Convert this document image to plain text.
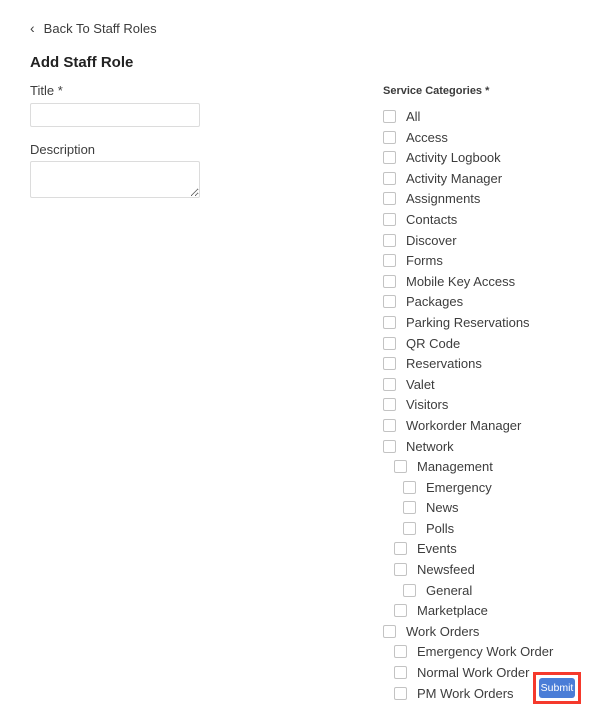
‹ Back To Staff Roles
Add Staff Role
Title *
Description
Service Categories *
All
Access
Activity Logbook
Activity Manager
Assignments
Contacts
Discover
Forms
Mobile Key Access
Packages
Parking Reservations
QR Code
Reservations
Valet
Visitors
Workorder Manager
Network
Management
Emergency
News
Polls
Events
Newsfeed
General
Marketplace
Work Orders
Emergency Work Order
Normal Work Order
PM Work Orders	Submit
